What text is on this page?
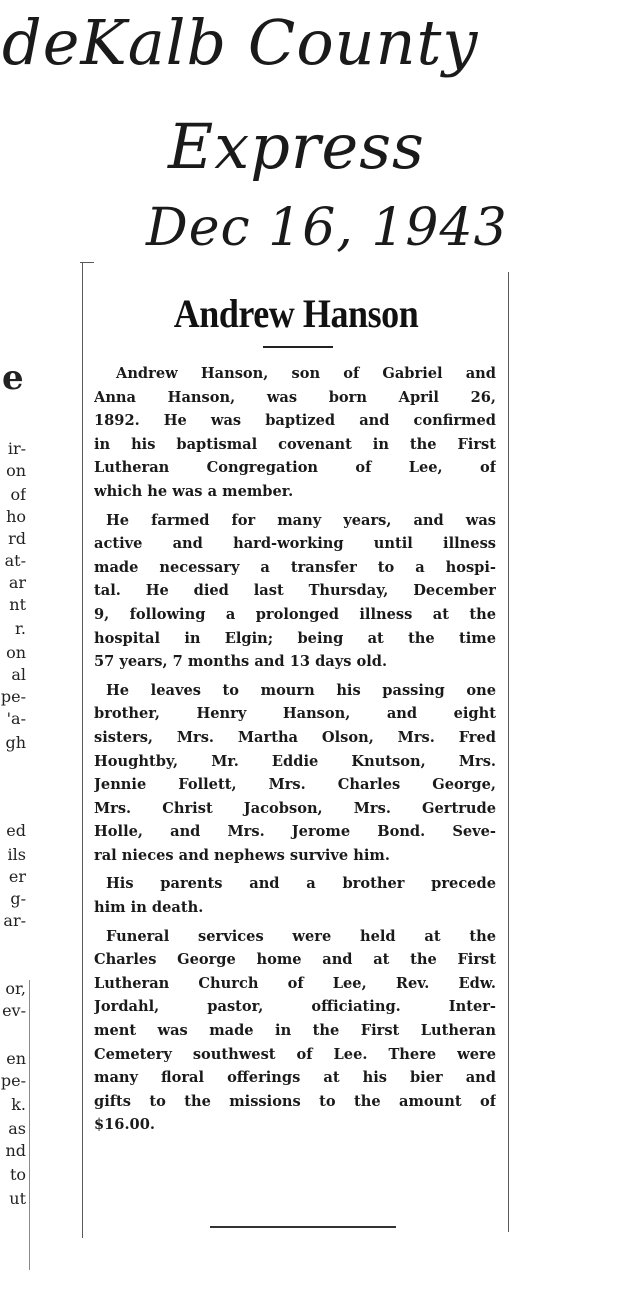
deKalb County

Express

Dec 16, 1943

e
ir-
on
of
ho
rd
at-
ar
nt
r.
on
al
pe-
'a-
gh
ed
ils
er
g-
ar-
or,
ev-
en
pe-
k.
as
nd
to
ut
Andrew Hanson
Andrew Hanson, son of Gabriel and
Anna Hanson, was born April 26,
1892. He was baptized and confirmed
in his baptismal covenant in the First
Lutheran Congregation of Lee, of
which he was a member.
He farmed for many years, and was
active and hard-working until illness
made necessary a transfer to a hospi-
tal. He died last Thursday, December
9, following a prolonged illness at the
hospital in Elgin; being at the time
57 years, 7 months and 13 days old.
He leaves to mourn his passing one
brother, Henry Hanson, and eight
sisters, Mrs. Martha Olson, Mrs. Fred
Houghtby, Mr. Eddie Knutson, Mrs.
Jennie Follett, Mrs. Charles George,
Mrs. Christ Jacobson, Mrs. Gertrude
Holle, and Mrs. Jerome Bond. Seve-
ral nieces and nephews survive him.
His parents and a brother precede
him in death.
Funeral services were held at the
Charles George home and at the First
Lutheran Church of Lee, Rev. Edw.
Jordahl, pastor, officiating. Inter-
ment was made in the First Lutheran
Cemetery southwest of Lee. There were
many floral offerings at his bier and
gifts to the missions to the amount of
$16.00.
